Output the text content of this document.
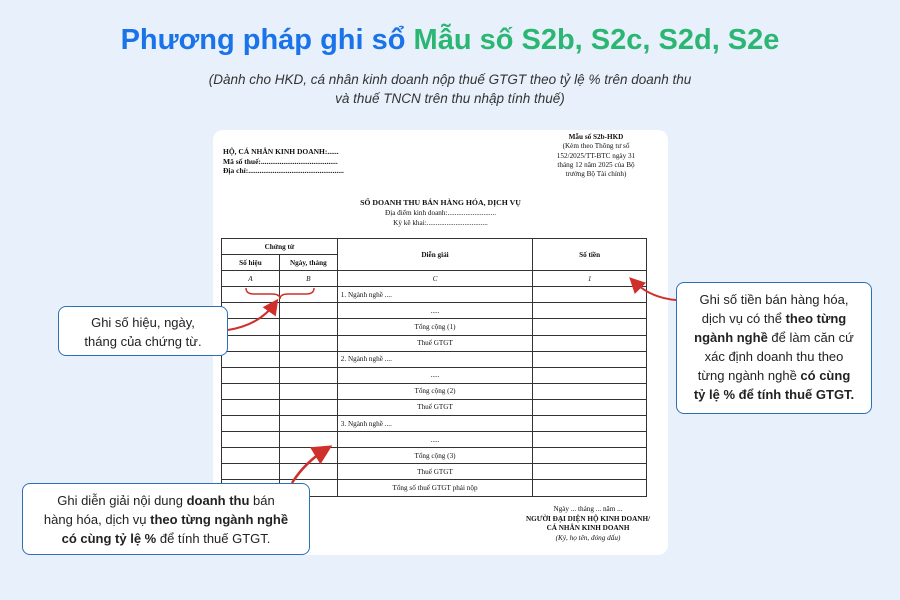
Phương pháp ghi sổ Mẫu số S2b, S2c, S2d, S2e
(Dành cho HKD, cá nhân kinh doanh nộp thuế GTGT theo tỷ lệ % trên doanh thu
và thuế TNCN trên thu nhập tính thuế)
HỘ, CÁ NHÂN KINH DOANH:......
Mã số thuế:.........................................
Địa chỉ:...................................................
Mẫu số S2b-HKD
(Kèm theo Thông tư số
152/2025/TT-BTC ngày 31
tháng 12 năm 2025 của Bộ
trưởng Bộ Tài chính)
SỔ DOANH THU BÁN HÀNG HÓA, DỊCH VỤ
Địa điểm kinh doanh:...........................
Kỳ kê khai:..................................
Chứng từ		Diễn giải	Số tiền
Số hiệu	Ngày, tháng		
A	B	C	1
		1. Ngành nghề ....	
		.....	
		Tổng cộng (1)	
		Thuế GTGT	
		2. Ngành nghề ....	
		.....	
		Tổng cộng (2)	
		Thuế GTGT	
		3. Ngành nghề ....	
		.....	
		Tổng cộng (3)	
		Thuế GTGT	
		Tổng số thuế GTGT phải nộp	
Ngày ... tháng ... năm ...
NGƯỜI ĐẠI DIỆN HỘ KINH DOANH/
CÁ NHÂN KINH DOANH
(Ký, họ tên, đóng dấu)
Ghi số hiệu, ngày,
tháng của chứng từ.
Ghi số tiền bán hàng hóa,
dịch vụ có thể theo từng
ngành nghề để làm căn cứ
xác định doanh thu theo
từng ngành nghề có cùng
tỷ lệ % để tính thuế GTGT.
Ghi diễn giải nội dung doanh thu bán
hàng hóa, dịch vụ theo từng ngành nghề
có cùng tỷ lệ % để tính thuế GTGT.
